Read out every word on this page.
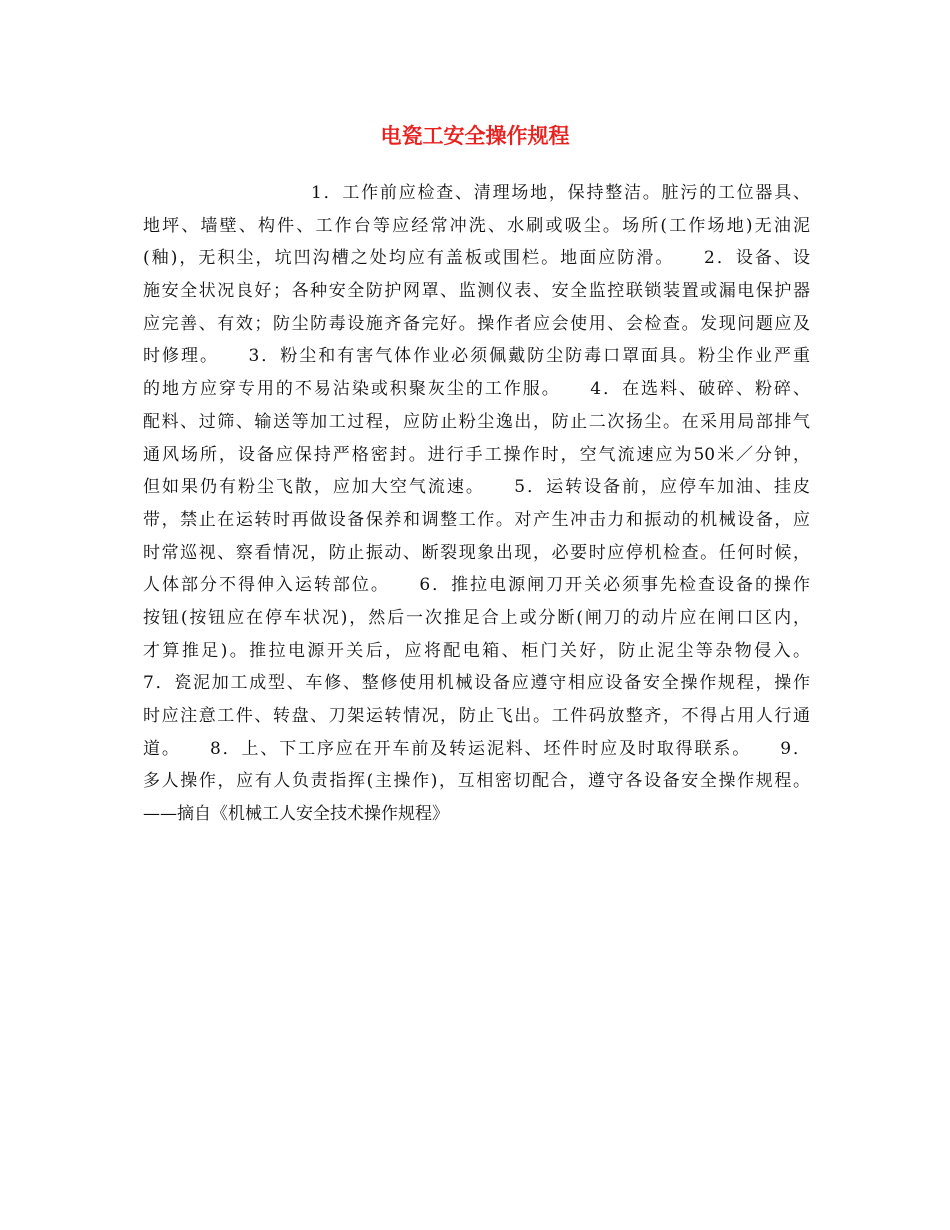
电瓷工安全操作规程
1．工作前应检查、清理场地，保持整洁。脏污的工位器具、
地坪、墙壁、构件、工作台等应经常冲洗、水刷或吸尘。场所(工作场地)无油泥
(釉)，无积尘，坑凹沟槽之处均应有盖板或围栏。地面应防滑。　　2．设备、设
施安全状况良好；各种安全防护网罩、监测仪表、安全监控联锁装置或漏电保护器
应完善、有效；防尘防毒设施齐备完好。操作者应会使用、会检查。发现问题应及
时修理。　　3．粉尘和有害气体作业必须佩戴防尘防毒口罩面具。粉尘作业严重
的地方应穿专用的不易沾染或积聚灰尘的工作服。　　4．在选料、破碎、粉碎、
配料、过筛、输送等加工过程，应防止粉尘逸出，防止二次扬尘。在采用局部排气
通风场所，设备应保持严格密封。进行手工操作时，空气流速应为50米／分钟，
但如果仍有粉尘飞散，应加大空气流速。　　5．运转设备前，应停车加油、挂皮
带，禁止在运转时再做设备保养和调整工作。对产生冲击力和振动的机械设备，应
时常巡视、察看情况，防止振动、断裂现象出现，必要时应停机检查。任何时候，
人体部分不得伸入运转部位。　　6．推拉电源闸刀开关必须事先检查设备的操作
按钮(按钮应在停车状况)，然后一次推足合上或分断(闸刀的动片应在闸口区内，
才算推足)。推拉电源开关后，应将配电箱、柜门关好，防止泥尘等杂物侵入。
7．瓷泥加工成型、车修、整修使用机械设备应遵守相应设备安全操作规程，操作
时应注意工件、转盘、刀架运转情况，防止飞出。工件码放整齐，不得占用人行通
道。　　8．上、下工序应在开车前及转运泥料、坯件时应及时取得联系。　　9．
多人操作，应有人负责指挥(主操作)，互相密切配合，遵守各设备安全操作规程。
——摘自《机械工人安全技术操作规程》
